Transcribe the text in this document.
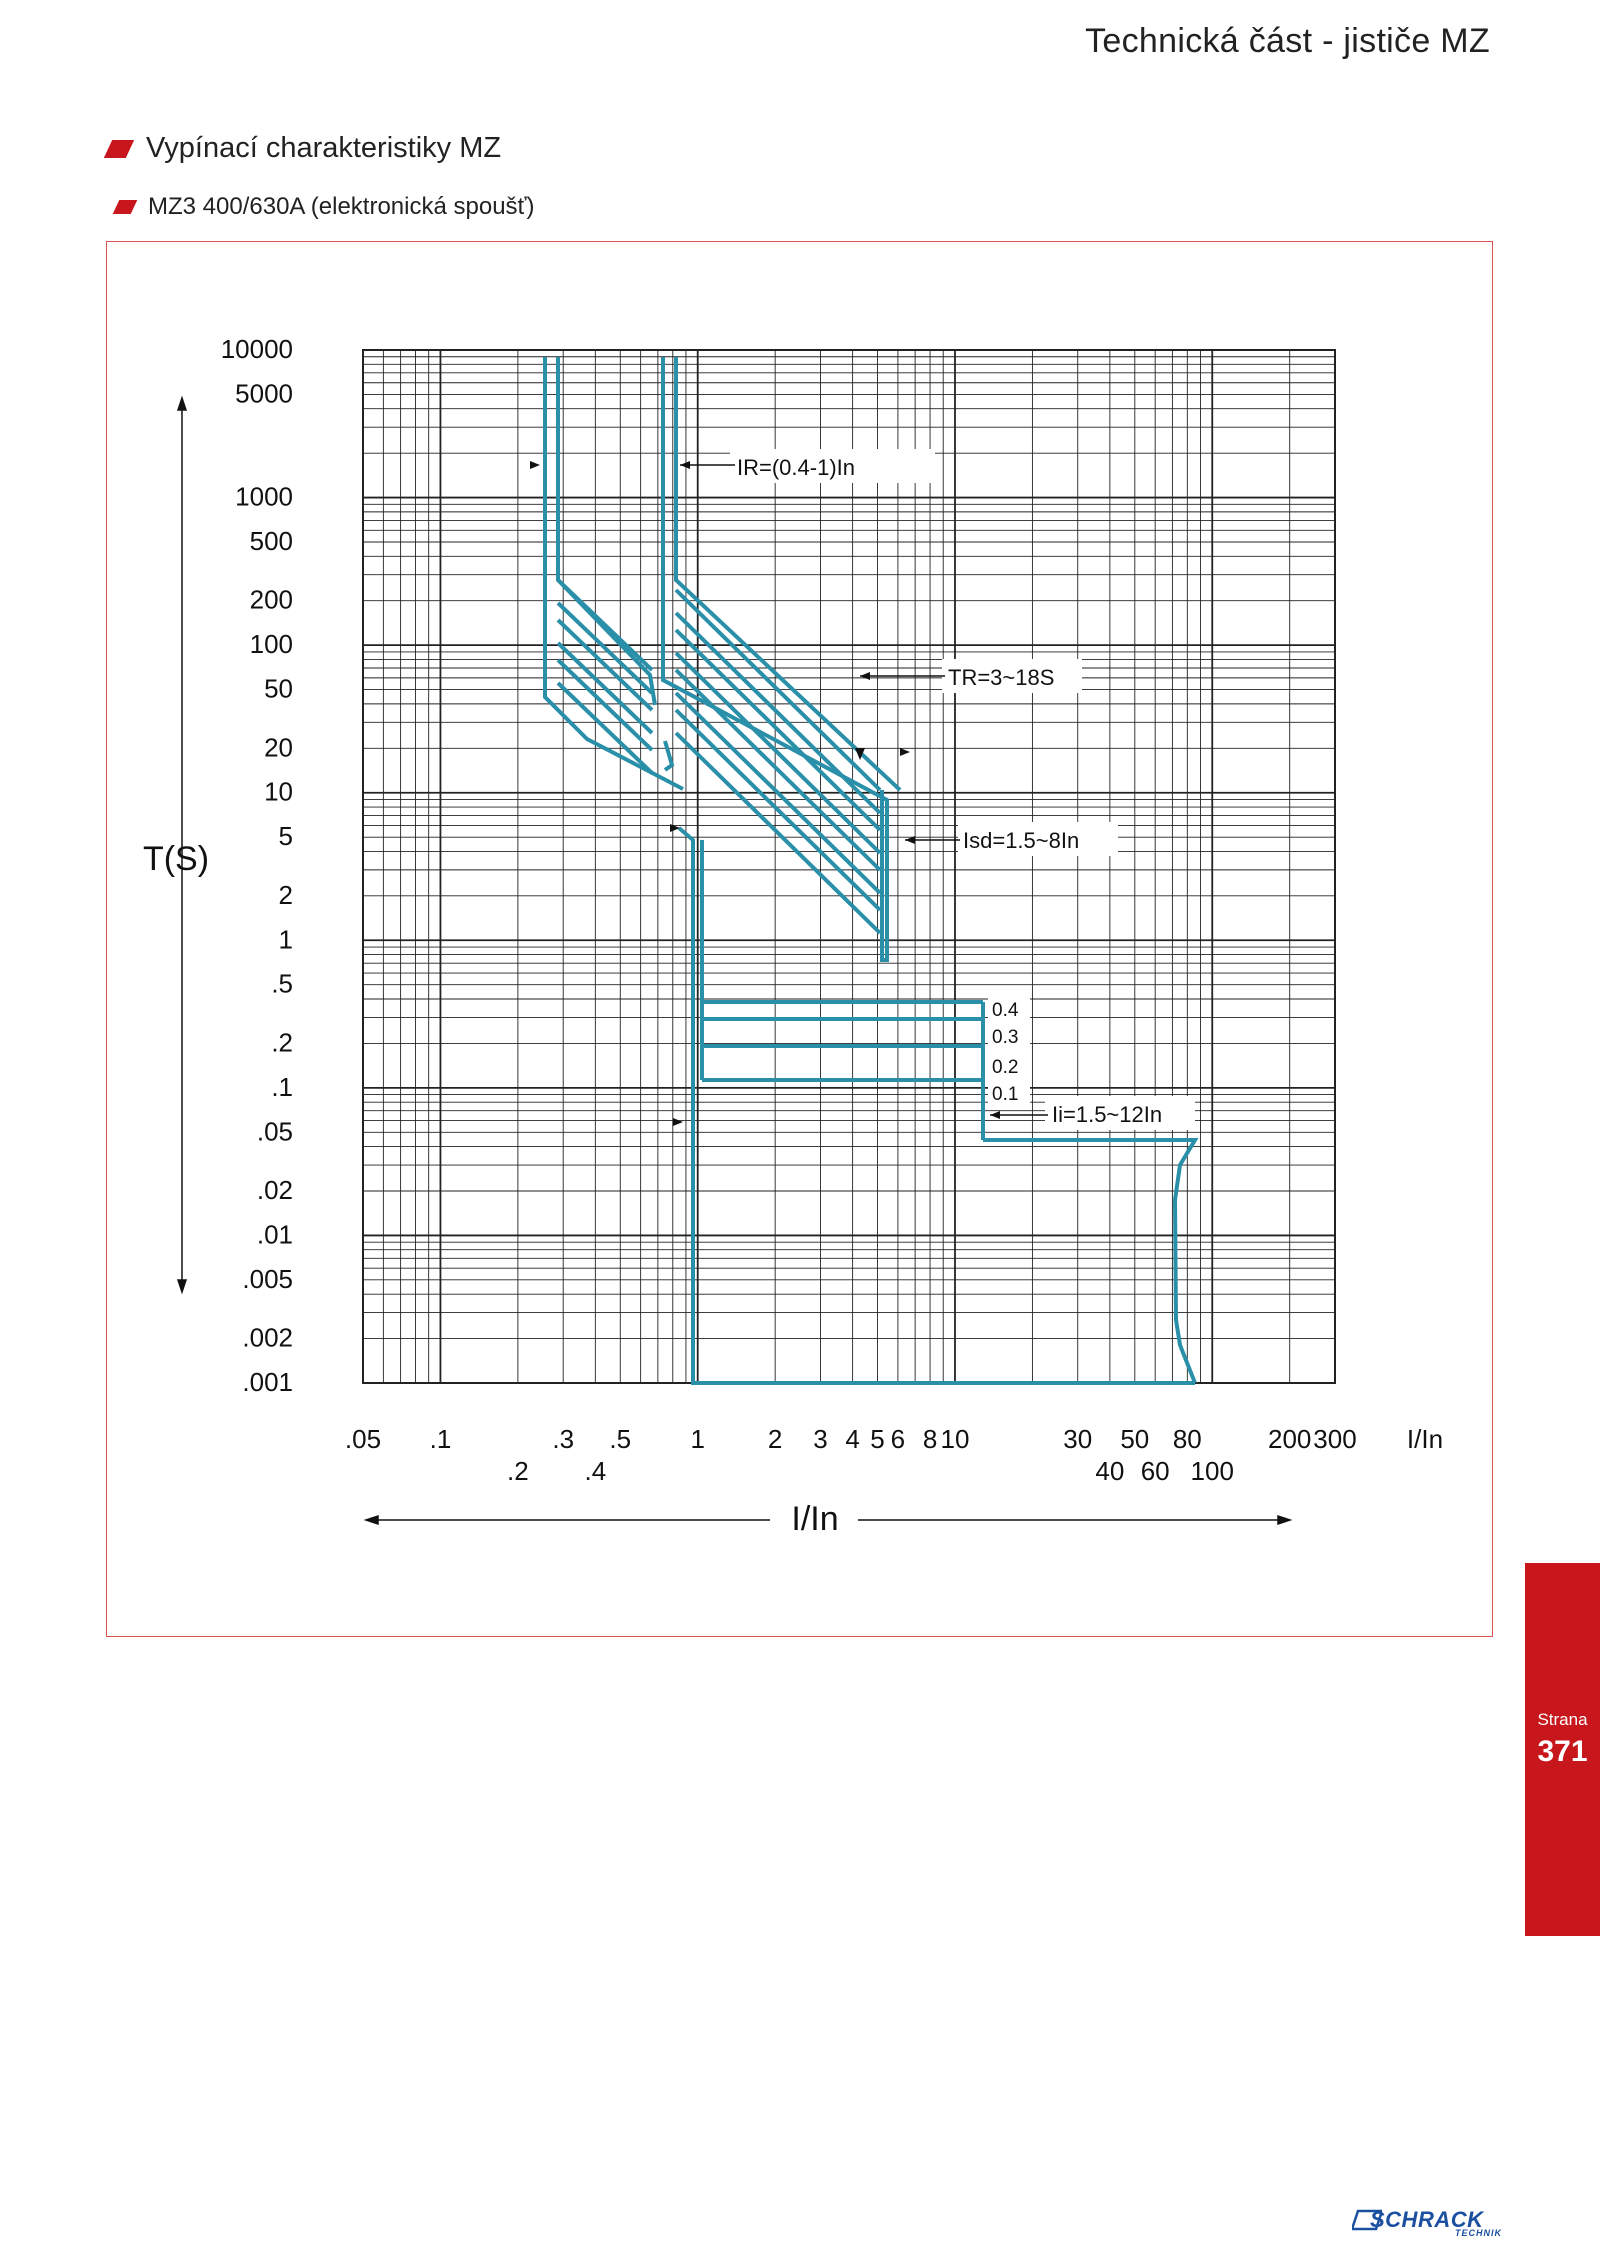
Technická část - jističe MZ
Vypínací charakteristiky MZ
MZ3 400/630A (elektronická spoušť)
10000
5000
1000
500
200
100
50
20
10
5
2
1
.5
.2
.1
.05
.02
.01
.005
.002
.001
.05 .1
.2
.3
.4
.5 1 2 3 4 5 6 8 10	30
40
50
60
80
100
200 300 I/In
IR=(0.4-1)In
TR=3~18S
Isd=1.5~8In
Ii=1.5~12In
0.4
0.3
0.2
0.1
T(S)
I/In
Strana
371
SCHRACK
TECHNIK
